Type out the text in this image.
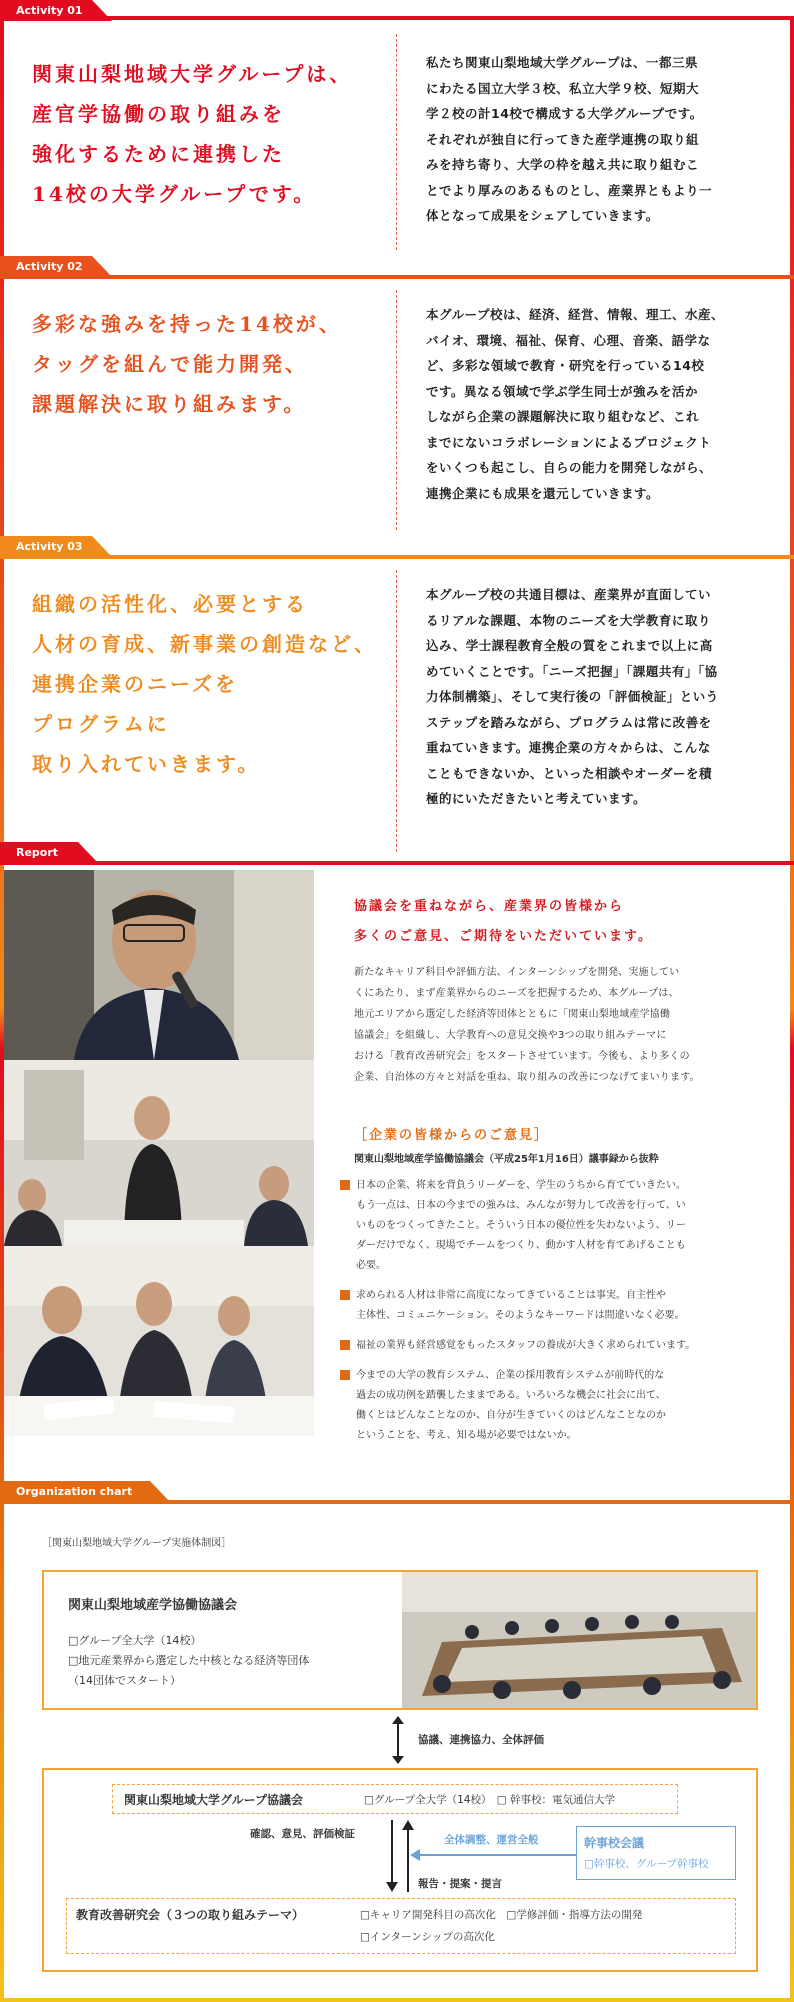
Activity 01
関東山梨地域大学グループは、
産官学協働の取り組みを
強化するために連携した
14校の大学グループです。
私たち関東山梨地域大学グループは、一都三県
にわたる国立大学３校、私立大学９校、短期大
学２校の計14校で構成する大学グループです。
それぞれが独自に行ってきた産学連携の取り組
みを持ち寄り、大学の枠を越え共に取り組むこ
とでより厚みのあるものとし、産業界ともより一
体となって成果をシェアしていきます。
Activity 02
多彩な強みを持った14校が、
タッグを組んで能力開発、
課題解決に取り組みます。
本グループ校は、経済、経営、情報、理工、水産、
バイオ、環境、福祉、保育、心理、音楽、語学な
ど、多彩な領域で教育・研究を行っている14校
です。異なる領域で学ぶ学生同士が強みを活か
しながら企業の課題解決に取り組むなど、これ
までにないコラボレーションによるプロジェクト
をいくつも起こし、自らの能力を開発しながら、
連携企業にも成果を還元していきます。
Activity 03
組織の活性化、必要とする
人材の育成、新事業の創造など、
連携企業のニーズを
プログラムに
取り入れていきます。
本グループ校の共通目標は、産業界が直面してい
るリアルな課題、本物のニーズを大学教育に取り
込み、学士課程教育全般の質をこれまで以上に高
めていくことです。「ニーズ把握」「課題共有」「協
力体制構築」、そして実行後の「評価検証」という
ステップを踏みながら、プログラムは常に改善を
重ねていきます。連携企業の方々からは、こんな
こともできないか、といった相談やオーダーを積
極的にいただきたいと考えています。
Report
協議会を重ねながら、産業界の皆様から
多くのご意見、ご期待をいただいています。
新たなキャリア科目や評価方法、インターンシップを開発、実施してい
くにあたり、まず産業界からのニーズを把握するため、本グループは、
地元エリアから選定した経済等団体とともに「関東山梨地域産学協働
協議会」を組織し、大学教育への意見交換や3つの取り組みテーマに
おける「教育改善研究会」をスタートさせています。今後も、より多くの
企業、自治体の方々と対話を重ね、取り組みの改善につなげてまいります。
［企業の皆様からのご意見］
関東山梨地域産学協働協議会（平成25年1月16日）議事録から抜粋
日本の企業、将来を背負うリーダーを、学生のうちから育てていきたい。
もう一点は、日本の今までの強みは、みんなが努力して改善を行って、い
いものをつくってきたこと。そういう日本の優位性を失わないよう、リー
ダーだけでなく、現場でチームをつくり、動かす人材を育てあげることも
必要。
求められる人材は非常に高度になってきていることは事実。自主性や
主体性、コミュニケーション。そのようなキーワードは間違いなく必要。
福祉の業界も経営感覚をもったスタッフの養成が大きく求められています。
今までの大学の教育システム、企業の採用教育システムが前時代的な
過去の成功例を踏襲したままである。いろいろな機会に社会に出て、
働くとはどんなことなのか、自分が生きていくのはどんなことなのか
ということを、考え、知る場が必要ではないか。
Organization chart
［関東山梨地域大学グループ実施体制図］
関東山梨地域産学協働協議会
□グループ全大学（14校）
□地元産業界から選定した中核となる経済等団体
（14団体でスタート）
協議、連携協力、全体評価
関東山梨地域大学グループ協議会	□グループ全大学（14校）　□ 幹事校：電気通信大学
確認、意見、評価検証	全体調整、運営全般	幹事校会議
□幹事校、グループ幹事校
報告・提案・提言
教育改善研究会（３つの取り組みテーマ）	□キャリア開発科目の高次化　□学修評価・指導方法の開発
□インターンシップの高次化
